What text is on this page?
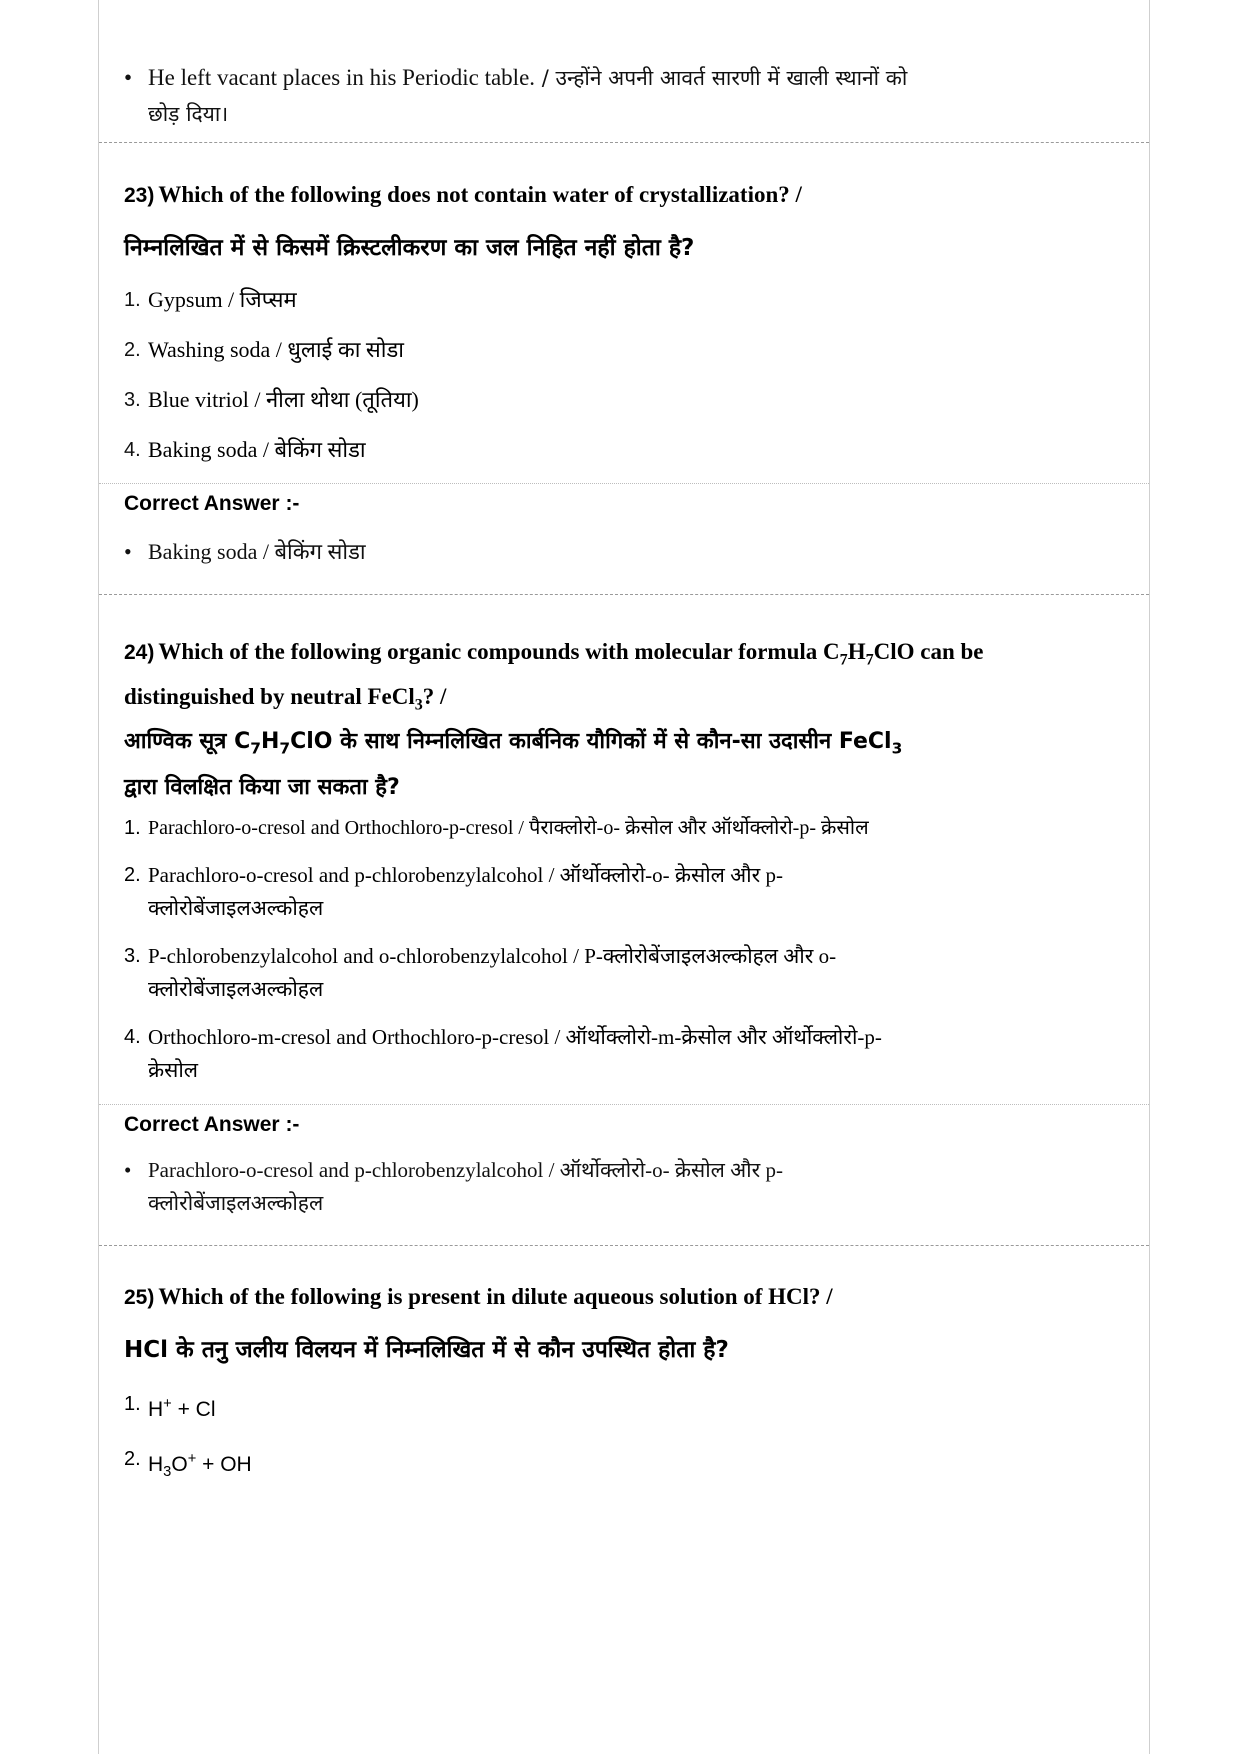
• He left vacant places in his Periodic table. / उन्होंने अपनी आवर्त सारणी में खाली स्थानों को
छोड़ दिया।
23) Which of the following does not contain water of crystallization? /
निम्नलिखित में से किसमें क्रिस्टलीकरण का जल निहित नहीं होता है?
1. Gypsum / जिप्सम
2. Washing soda / धुलाई का सोडा
3. Blue vitriol / नीला थोथा (तूतिया)
4. Baking soda / बेकिंग सोडा
Correct Answer :-
• Baking soda / बेकिंग सोडा
24) Which of the following organic compounds with molecular formula $C_7H_7ClO$ can be
distinguished by neutral FeCl$_3$? /
आण्विक सूत्र $C_7H_7ClO$ के साथ निम्नलिखित कार्बनिक यौगिकों में से कौन-सा उदासीन FeCl$_3$
द्वारा विलक्षित किया जा सकता है?
1. Parachloro-o-cresol and Orthochloro-p-cresol / पैराक्लोरो-o- क्रेसोल और ऑर्थोक्लोरो-p- क्रेसोल
2. Parachloro-o-cresol and p-chlorobenzylalcohol / ऑर्थोक्लोरो-o- क्रेसोल और p-
क्लोरोबेंजाइलअल्कोहल
3. P-chlorobenzylalcohol and o-chlorobenzylalcohol / P-क्लोरोबेंजाइलअल्कोहल और o-
क्लोरोबेंजाइलअल्कोहल
4. Orthochloro-m-cresol and Orthochloro-p-cresol / ऑर्थोक्लोरो-m-क्रेसोल और ऑर्थोक्लोरो-p-
क्रेसोल
Correct Answer :-
• Parachloro-o-cresol and p-chlorobenzylalcohol / ऑर्थोक्लोरो-o- क्रेसोल और p-
क्लोरोबेंजाइलअल्कोहल
25) Which of the following is present in dilute aqueous solution of HCl? /
HCl के तनु जलीय विलयन में निम्नलिखित में से कौन उपस्थित होता है?
1. H+ + Cl
2. $H_3O^+$ + OH
